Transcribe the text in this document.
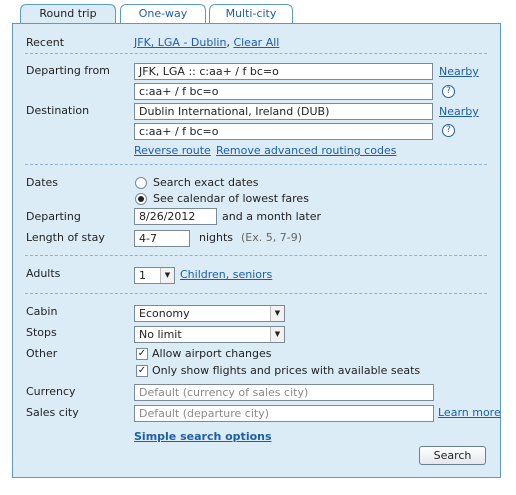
Round trip	One-way	Multi-city
Recent	JFK, LGA - Dublin, Clear All
Departing from	JFK, LGA :: c:aa+ / f bc=o	Nearby
c:aa+ / f bc=o	?
Destination	Dublin International, Ireland (DUB)	Nearby
c:aa+ / f bc=o	?
Reverse route Remove advanced routing codes
Dates	Search exact dates
See calendar of lowest fares
Departing	8/26/2012	and a month later
Length of stay	4-7	nights (Ex. 5, 7-9)
Adults	1	▼ Children, seniors
Cabin	Economy	▼
Stops	No limit	▼
Other	✓ Allow airport changes
✓ Only show flights and prices with available seats
Currency	Default (currency of sales city)
Sales city	Default (departure city)	Learn more
Simple search options
Search
